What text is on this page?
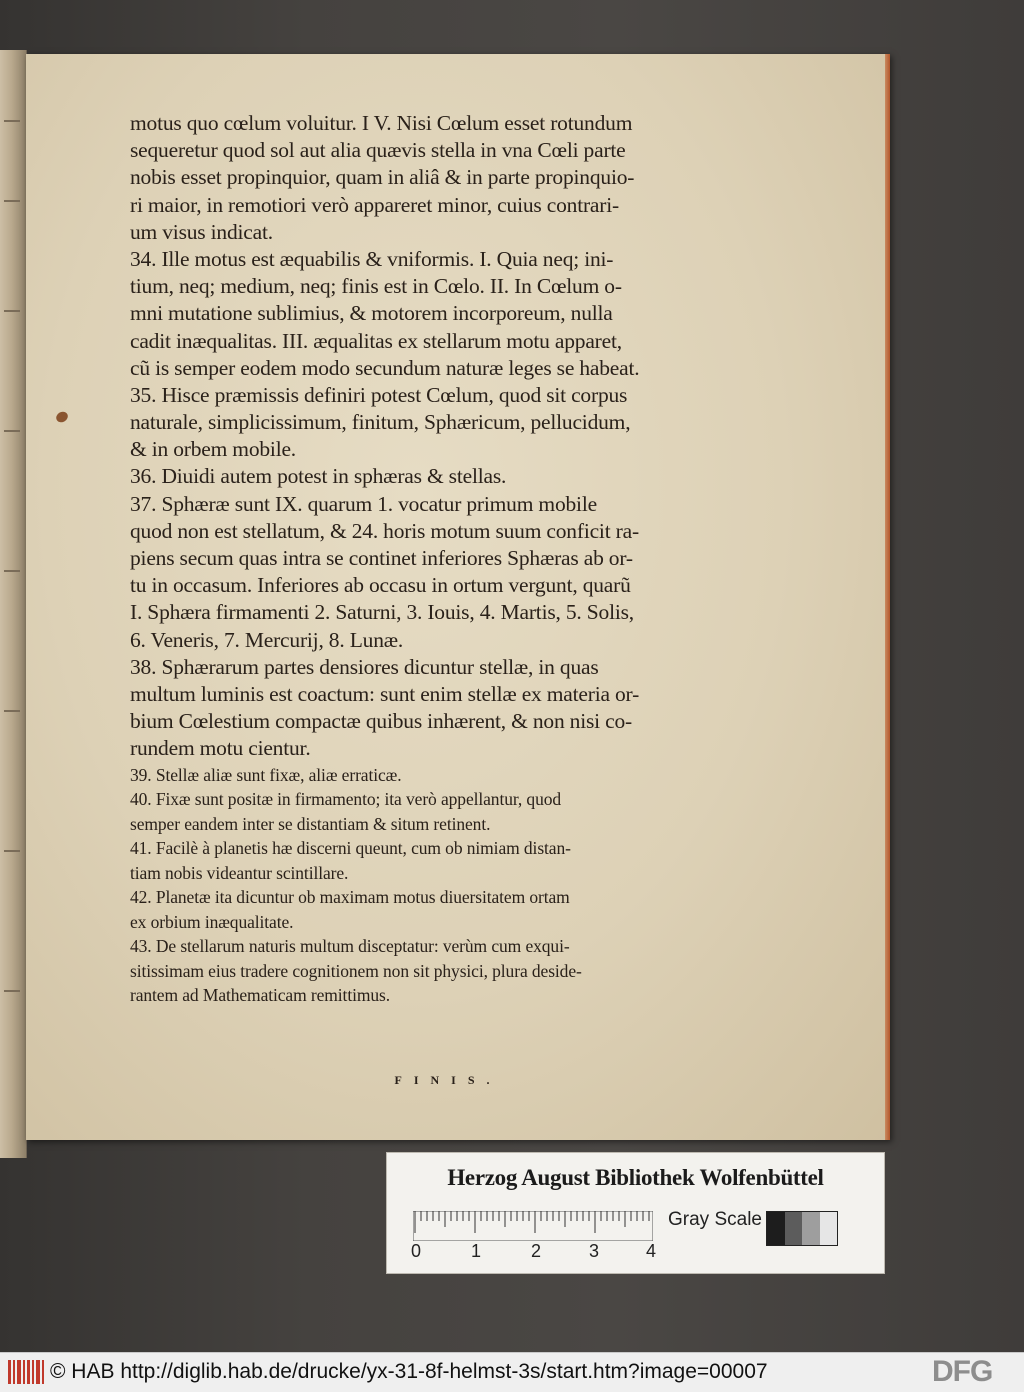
motus quo cœlum voluitur. I V. Nisi Cœlum esset rotundum
sequeretur quod sol aut alia quævis stella in vna Cœli parte
nobis esset propinquior, quam in aliâ & in parte propinquio-
ri maior, in remotiori verò appareret minor, cuius contrari-
um visus indicat.
34. Ille motus est æquabilis & vniformis. I. Quia neq; ini-
tium, neq; medium, neq; finis est in Cœlo. II. In Cœlum o-
mni mutatione sublimius, & motorem incorporeum, nulla
cadit inæqualitas. III. æqualitas ex stellarum motu apparet,
cũ is semper eodem modo secundum naturæ leges se habeat.
35. Hisce præmissis definiri potest Cœlum, quod sit corpus
naturale, simplicissimum, finitum, Sphæricum, pellucidum,
& in orbem mobile.
36. Diuidi autem potest in sphæras & stellas.
37. Sphæræ sunt IX. quarum 1. vocatur primum mobile
quod non est stellatum, & 24. horis motum suum conficit ra-
piens secum quas intra se continet inferiores Sphæras ab or-
tu in occasum. Inferiores ab occasu in ortum vergunt, quarũ
I. Sphæra firmamenti 2. Saturni, 3. Iouis, 4. Martis, 5. Solis,
6. Veneris, 7. Mercurij, 8. Lunæ.
38. Sphærarum partes densiores dicuntur stellæ, in quas
multum luminis est coactum: sunt enim stellæ ex materia or-
bium Cœlestium compactæ quibus inhærent, & non nisi co-
rundem motu cientur.
39. Stellæ aliæ sunt fixæ, aliæ erraticæ.
40. Fixæ sunt positæ in firmamento; ita verò appellantur, quod
semper eandem inter se distantiam & situm retinent.
41. Facilè à planetis hæ discerni queunt, cum ob nimiam distan-
tiam nobis videantur scintillare.
42. Planetæ ita dicuntur ob maximam motus diuersitatem ortam
ex orbium inæqualitate.
43. De stellarum naturis multum disceptatur: verùm cum exqui-
sitissimam eius tradere cognitionem non sit physici, plura deside-
rantem ad Mathematicam remittimus.
FINIS.
Herzog August Bibliothek Wolfenbüttel
0	1	2	3	4
Gray Scale
© HAB http://diglib.hab.de/drucke/yx-31-8f-helmst-3s/start.htm?image=00007	DFG
